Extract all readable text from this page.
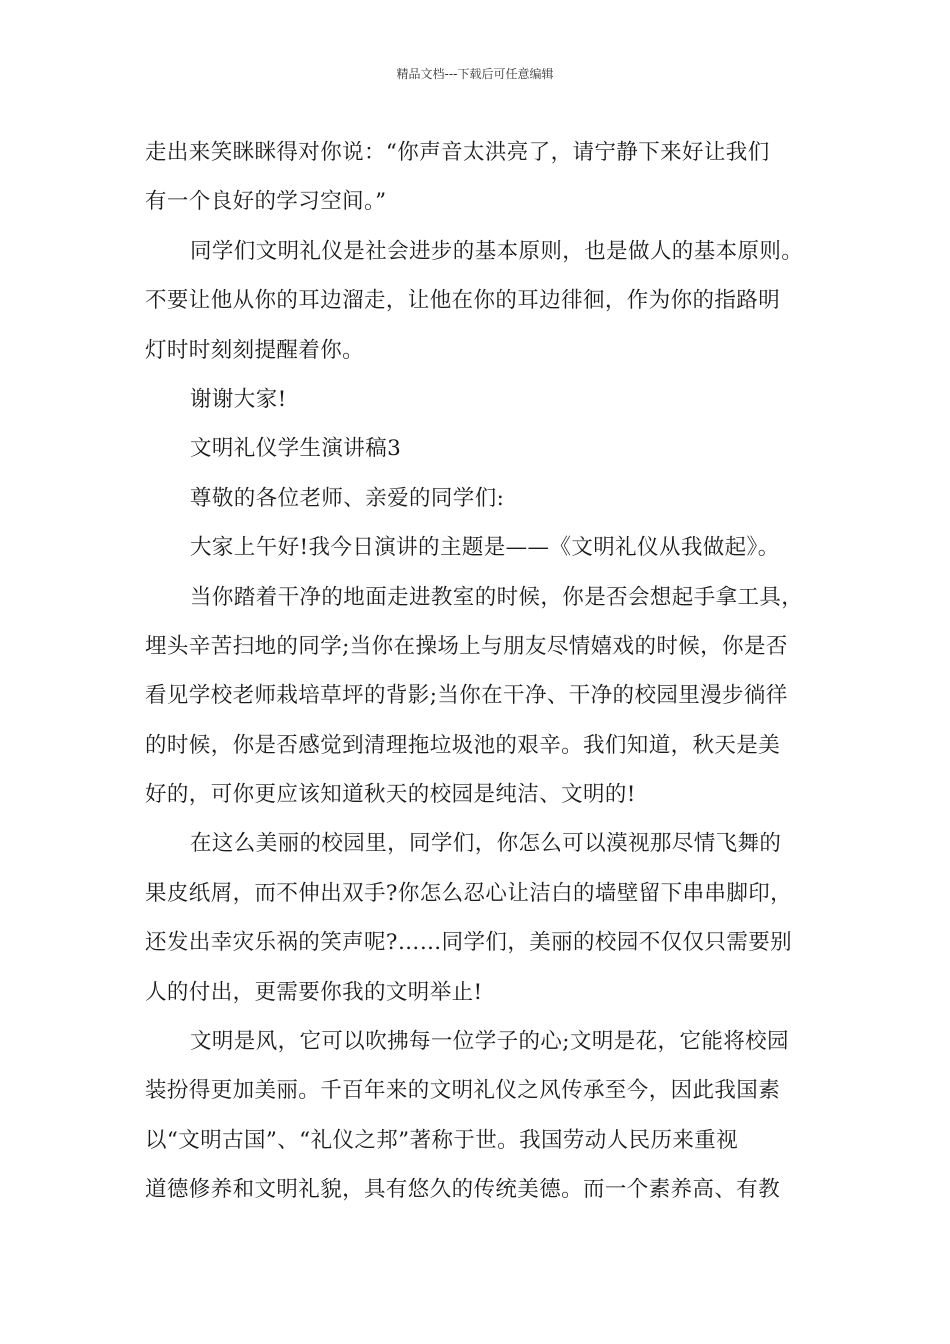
精品文档---下载后可任意编辑
走出来笑眯眯得对你说：“你声音太洪亮了，请宁静下来好让我们
有一个良好的学习空间。”
同学们文明礼仪是社会进步的基本原则，也是做人的基本原则。
不要让他从你的耳边溜走，让他在你的耳边徘徊，作为你的指路明
灯时时刻刻提醒着你。
谢谢大家!
文明礼仪学生演讲稿3
尊敬的各位老师、亲爱的同学们:
大家上午好!我今日演讲的主题是——《文明礼仪从我做起》。
当你踏着干净的地面走进教室的时候，你是否会想起手拿工具，
埋头辛苦扫地的同学;当你在操场上与朋友尽情嬉戏的时候，你是否
看见学校老师栽培草坪的背影;当你在干净、干净的校园里漫步徜徉
的时候，你是否感觉到清理拖垃圾池的艰辛。我们知道，秋天是美
好的，可你更应该知道秋天的校园是纯洁、文明的!
在这么美丽的校园里，同学们，你怎么可以漠视那尽情飞舞的
果皮纸屑，而不伸出双手?你怎么忍心让洁白的墙壁留下串串脚印，
还发出幸灾乐祸的笑声呢?……同学们，美丽的校园不仅仅只需要别
人的付出，更需要你我的文明举止!
文明是风，它可以吹拂每一位学子的心;文明是花，它能将校园
装扮得更加美丽。千百年来的文明礼仪之风传承至今，因此我国素
以“文明古国”、“礼仪之邦”著称于世。我国劳动人民历来重视
道德修养和文明礼貌，具有悠久的传统美德。而一个素养高、有教
